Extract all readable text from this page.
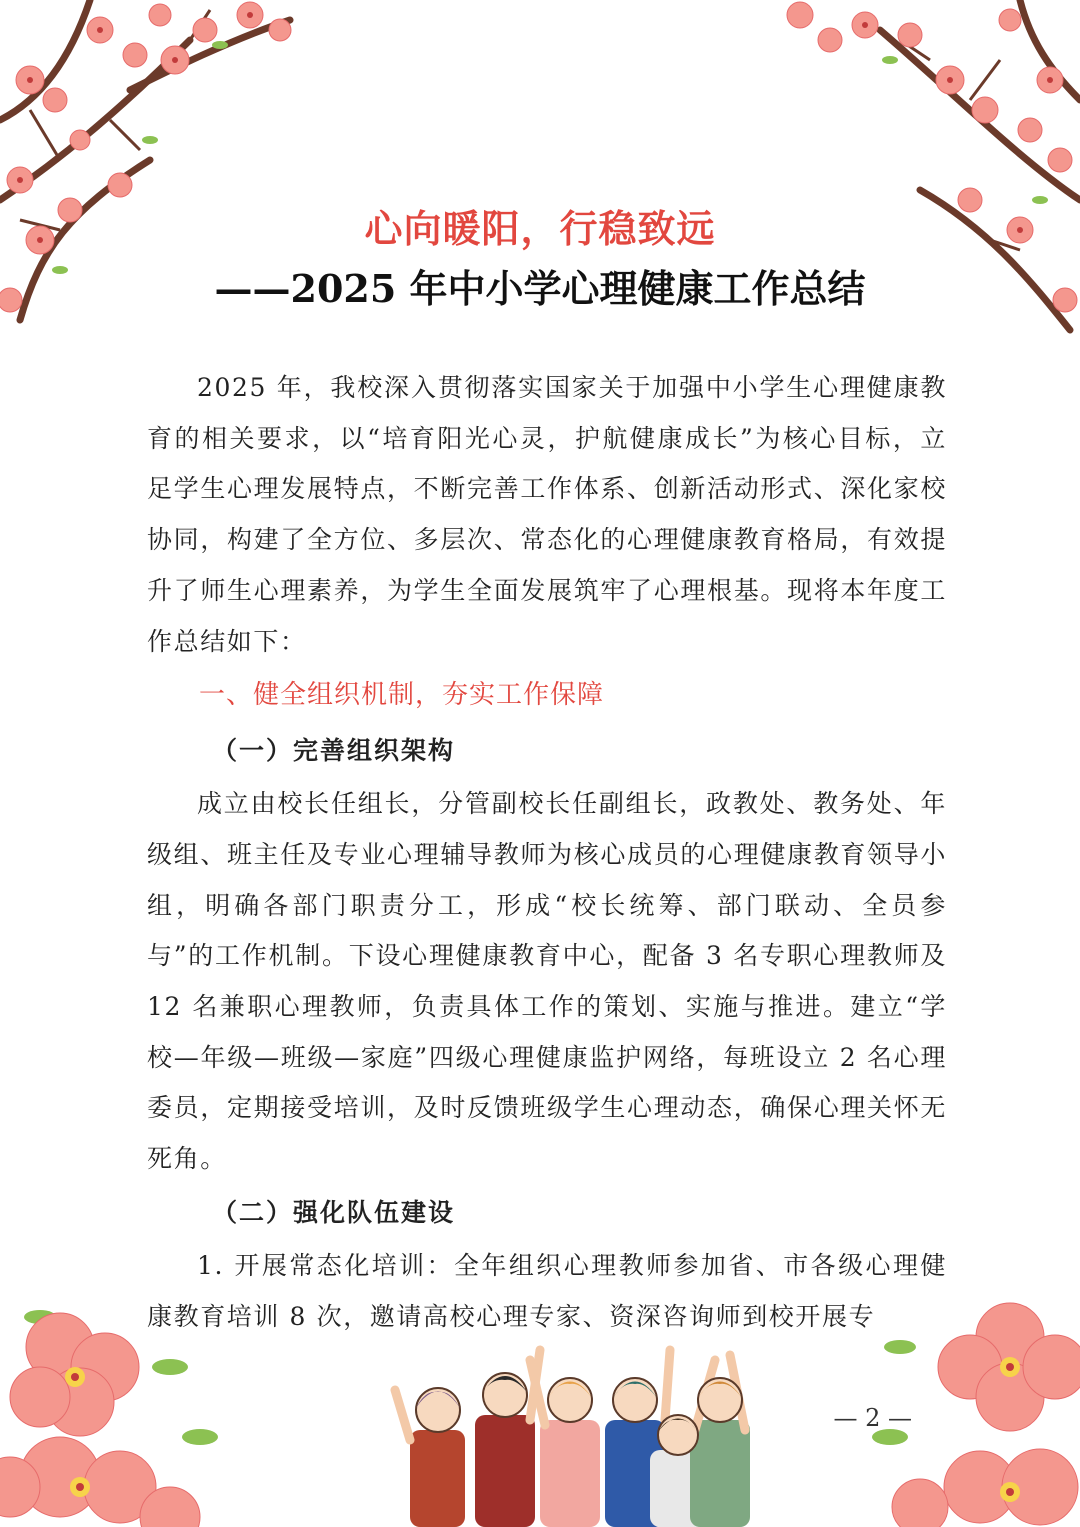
心向暖阳，行稳致远
——2025 年中小学心理健康工作总结

2025 年，我校深入贯彻落实国家关于加强中小学生心理健康教育的相关要求，以“培育阳光心灵，护航健康成长”为核心目标，立足学生心理发展特点，不断完善工作体系、创新活动形式、深化家校协同，构建了全方位、多层次、常态化的心理健康教育格局，有效提升了师生心理素养，为学生全面发展筑牢了心理根基。现将本年度工作总结如下：

一、健全组织机制，夯实工作保障

（一）完善组织架构

成立由校长任组长，分管副校长任副组长，政教处、教务处、年级组、班主任及专业心理辅导教师为核心成员的心理健康教育领导小组，明确各部门职责分工，形成“校长统筹、部门联动、全员参与”的工作机制。下设心理健康教育中心，配备 3 名专职心理教师及 12 名兼职心理教师，负责具体工作的策划、实施与推进。建立“学校—年级—班级—家庭”四级心理健康监护网络，每班设立 2 名心理委员，定期接受培训，及时反馈班级学生心理动态，确保心理关怀无死角。

（二）强化队伍建设

1. 开展常态化培训：全年组织心理教师参加省、市各级心理健康教育培训 8 次，邀请高校心理专家、资深咨询师到校开展专

— 2 —
